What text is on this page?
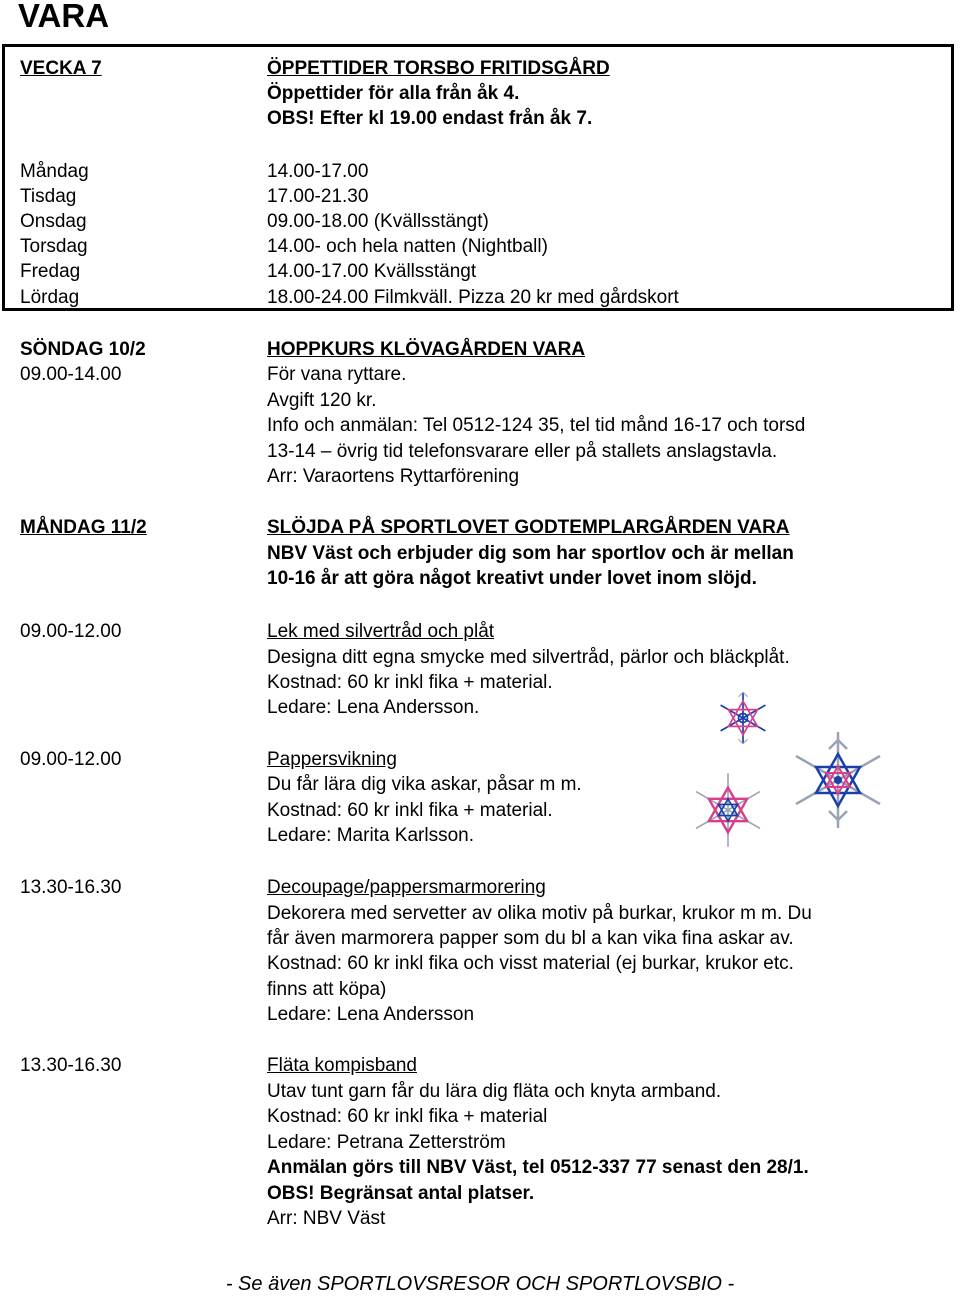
VARA
VECKA 7	ÖPPETTIDER TORSBO FRITIDSGÅRD
Öppettider för alla från åk 4.
OBS! Efter kl 19.00 endast från åk 7.
Måndag	14.00-17.00
Tisdag	17.00-21.30
Onsdag	09.00-18.00 (Kvällsstängt)
Torsdag	14.00- och hela natten (Nightball)
Fredag	14.00-17.00 Kvällsstängt
Lördag	18.00-24.00 Filmkväll. Pizza 20 kr med gårdskort
SÖNDAG 10/2	HOPPKURS KLÖVAGÅRDEN VARA
09.00-14.00	För vana ryttare.
Avgift 120 kr.
Info och anmälan: Tel 0512-124 35, tel tid månd 16-17 och torsd
13-14 – övrig tid telefonsvarare eller på stallets anslagstavla.
Arr: Varaortens Ryttarförening
MÅNDAG 11/2	SLÖJDA PÅ SPORTLOVET GODTEMPLARGÅRDEN VARA
NBV Väst och erbjuder dig som har sportlov och är mellan
10-16 år att göra något kreativt under lovet inom slöjd.
09.00-12.00	Lek med silvertråd och plåt
Designa ditt egna smycke med silvertråd, pärlor och bläckplåt.
Kostnad: 60 kr inkl fika + material.
Ledare: Lena Andersson.
09.00-12.00	Pappersvikning
Du får lära dig vika askar, påsar m m.
Kostnad: 60 kr inkl fika + material.
Ledare: Marita Karlsson.
13.30-16.30	Decoupage/pappersmarmorering
Dekorera med servetter av olika motiv på burkar, krukor m m. Du
får även marmorera papper som du bl a kan vika fina askar av.
Kostnad: 60 kr inkl fika och visst material (ej burkar, krukor etc.
finns att köpa)
Ledare: Lena Andersson
13.30-16.30	Fläta kompisband
Utav tunt garn får du lära dig fläta och knyta armband.
Kostnad: 60 kr inkl fika + material
Ledare: Petrana Zetterström
Anmälan görs till NBV Väst, tel 0512-337 77 senast den 28/1.
OBS! Begränsat antal platser.
Arr: NBV Väst
- Se även SPORTLOVSRESOR OCH SPORTLOVSBIO -
